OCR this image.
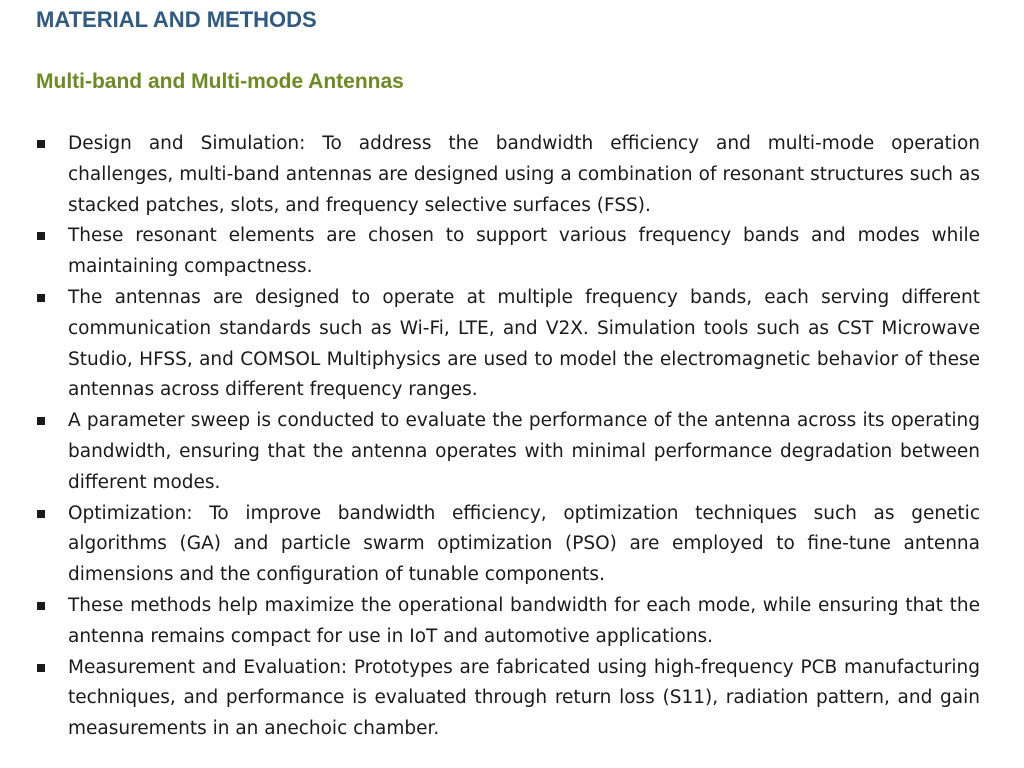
MATERIAL AND METHODS
Multi-band and Multi-mode Antennas
Design and Simulation: To address the bandwidth efficiency and multi-mode operation challenges, multi-band antennas are designed using a combination of resonant structures such as stacked patches, slots, and frequency selective surfaces (FSS).
These resonant elements are chosen to support various frequency bands and modes while maintaining compactness.
The antennas are designed to operate at multiple frequency bands, each serving different communication standards such as Wi-Fi, LTE, and V2X. Simulation tools such as CST Microwave Studio, HFSS, and COMSOL Multiphysics are used to model the electromagnetic behavior of these antennas across different frequency ranges.
A parameter sweep is conducted to evaluate the performance of the antenna across its operating bandwidth, ensuring that the antenna operates with minimal performance degradation between different modes.
Optimization: To improve bandwidth efficiency, optimization techniques such as genetic algorithms (GA) and particle swarm optimization (PSO) are employed to fine-tune antenna dimensions and the configuration of tunable components.
These methods help maximize the operational bandwidth for each mode, while ensuring that the antenna remains compact for use in IoT and automotive applications.
Measurement and Evaluation: Prototypes are fabricated using high-frequency PCB manufacturing techniques, and performance is evaluated through return loss (S11), radiation pattern, and gain measurements in an anechoic chamber.
